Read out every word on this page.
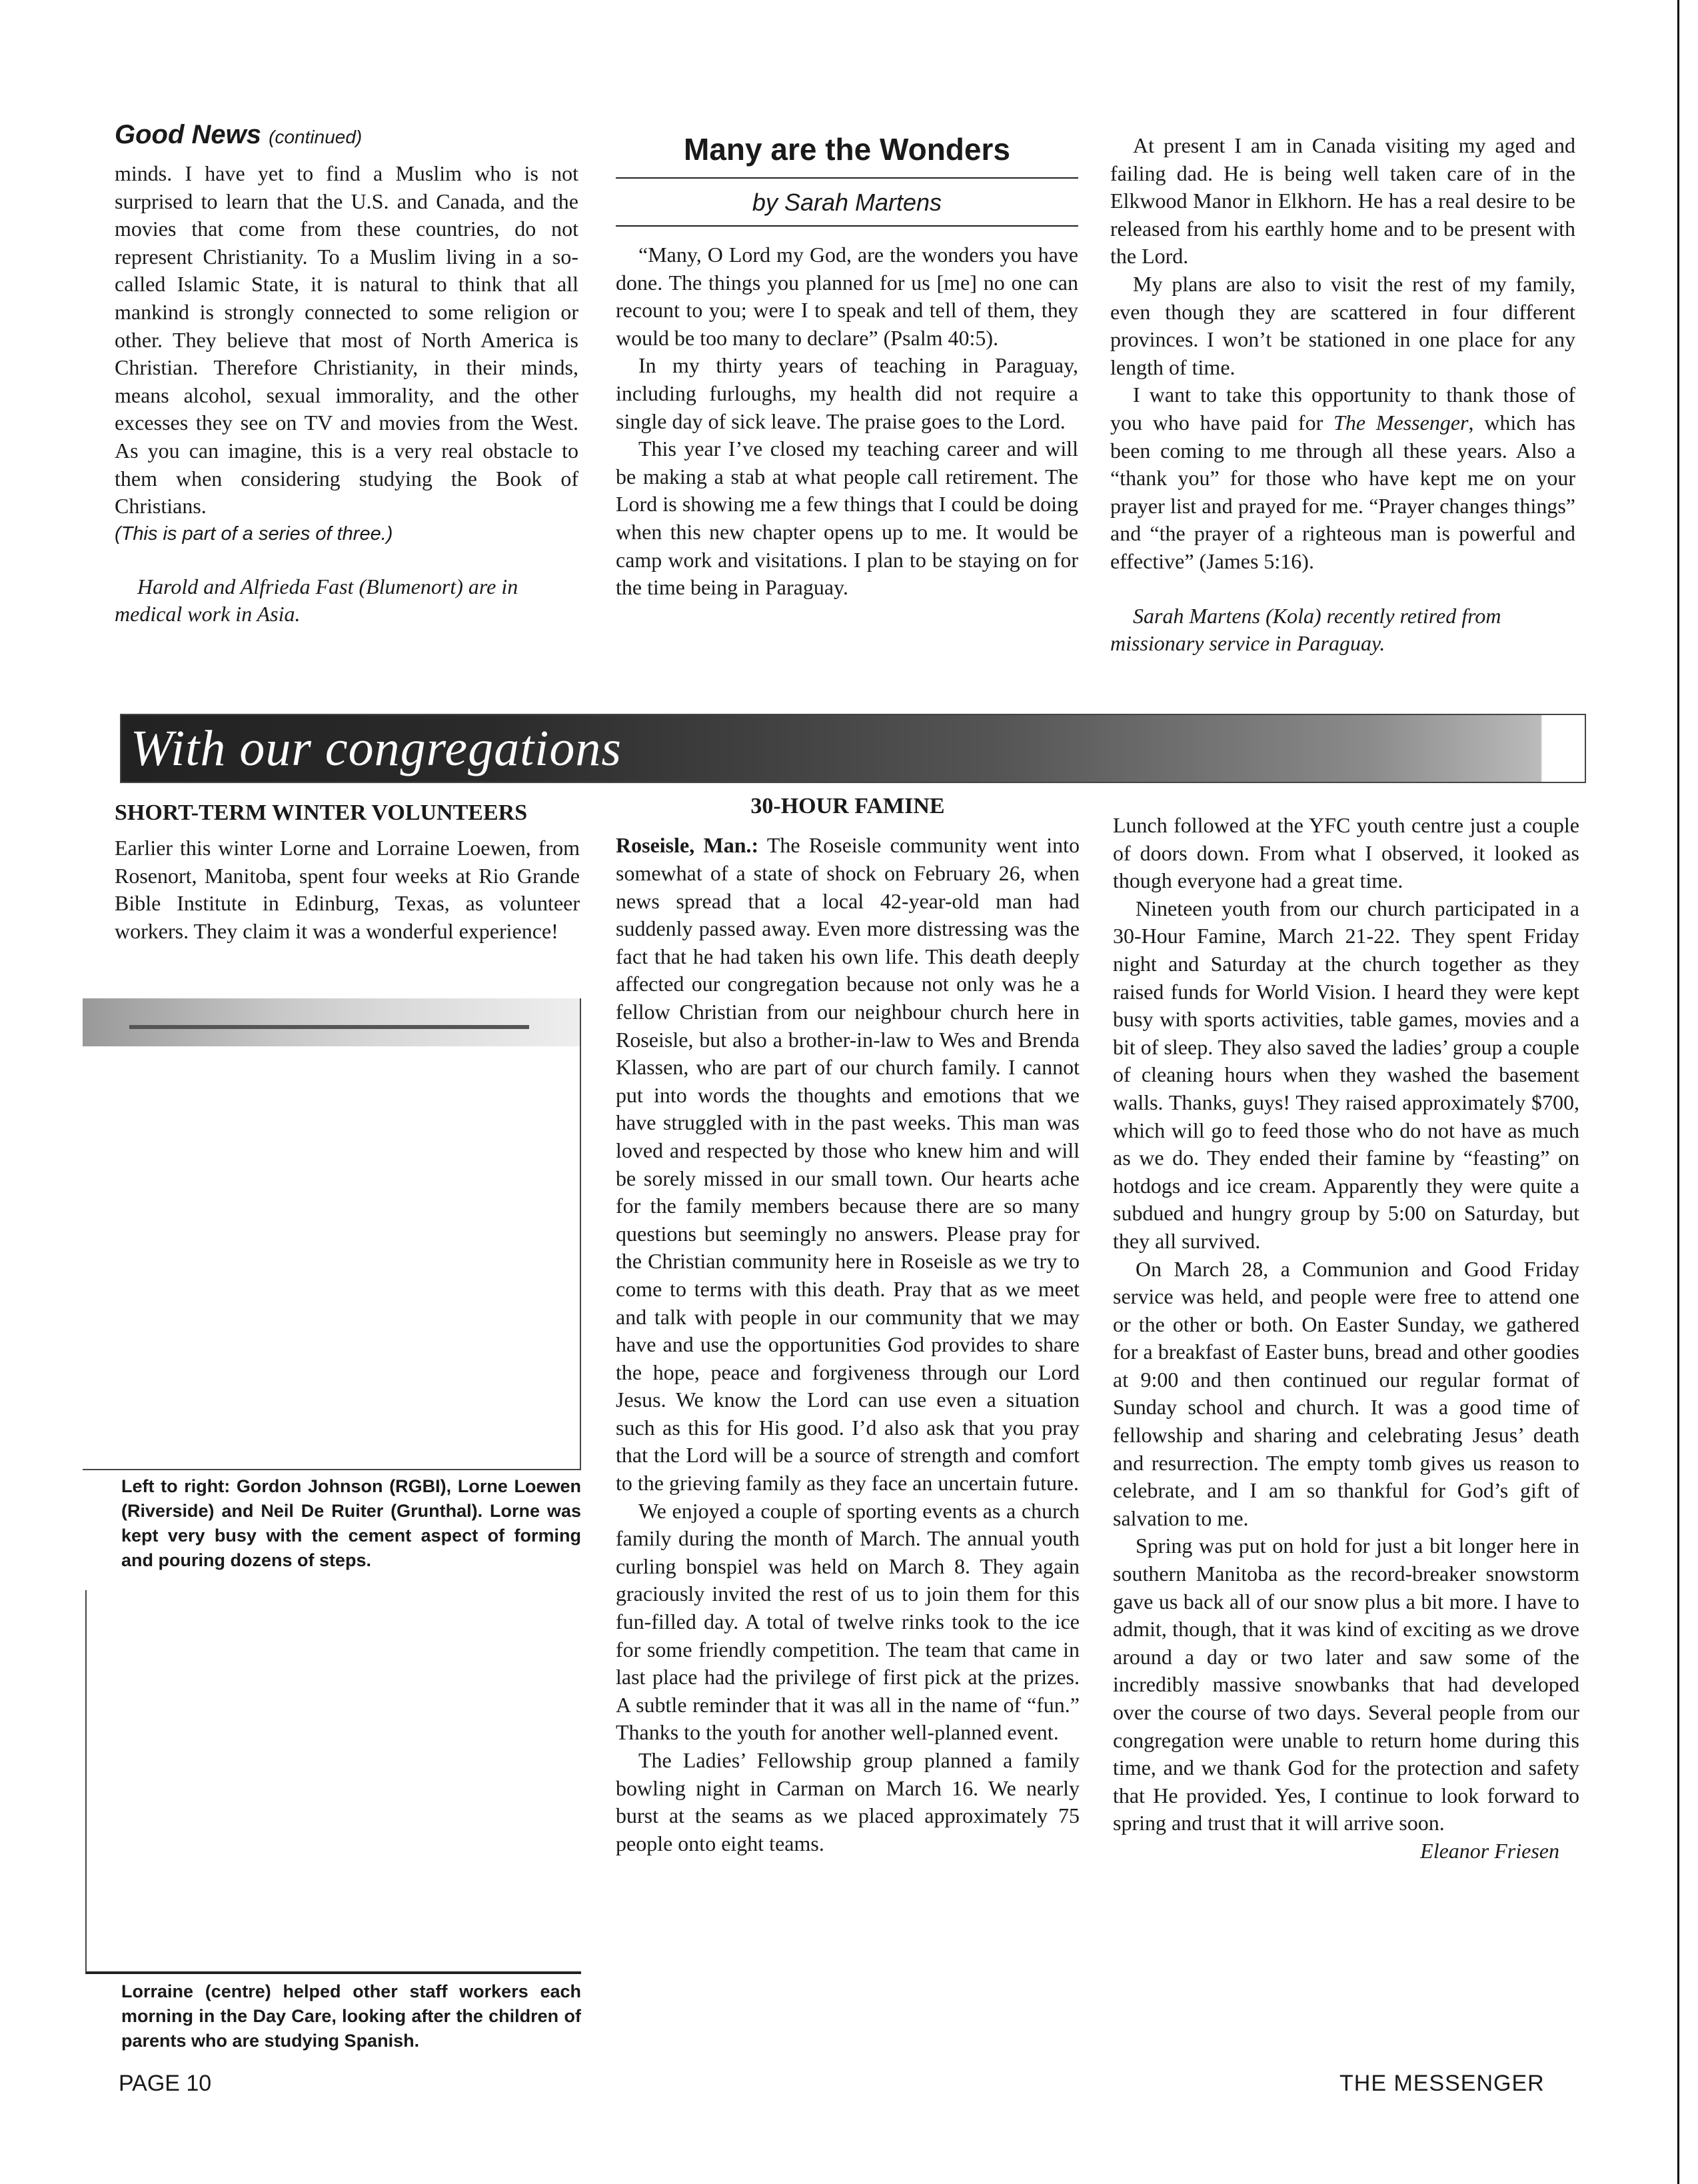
Good News (continued)

minds. I have yet to find a Muslim who is not surprised to learn that the U.S. and Canada, and the movies that come from these countries, do not represent Christianity. To a Muslim living in a so-called Islamic State, it is natural to think that all mankind is strongly connected to some religion or other. They believe that most of North America is Christian. Therefore Christianity, in their minds, means alcohol, sexual immorality, and the other excesses they see on TV and movies from the West. As you can imagine, this is a very real obstacle to them when considering studying the Book of Christians.

(This is part of a series of three.)

Harold and Alfrieda Fast (Blumenort) are in medical work in Asia.

Many are the Wonders
by Sarah Martens

“Many, O Lord my God, are the wonders you have done. The things you planned for us [me] no one can recount to you; were I to speak and tell of them, they would be too many to declare” (Psalm 40:5).

In my thirty years of teaching in Paraguay, including furloughs, my health did not require a single day of sick leave. The praise goes to the Lord.

This year I’ve closed my teaching career and will be making a stab at what people call retirement. The Lord is showing me a few things that I could be doing when this new chapter opens up to me. It would be camp work and visitations. I plan to be staying on for the time being in Paraguay.

At present I am in Canada visiting my aged and failing dad. He is being well taken care of in the Elkwood Manor in Elkhorn. He has a real desire to be released from his earthly home and to be present with the Lord.

My plans are also to visit the rest of my family, even though they are scattered in four different provinces. I won’t be stationed in one place for any length of time.

I want to take this opportunity to thank those of you who have paid for The Messenger, which has been coming to me through all these years. Also a “thank you” for those who have kept me on your prayer list and prayed for me. “Prayer changes things” and “the prayer of a righteous man is powerful and effective” (James 5:16).

Sarah Martens (Kola) recently retired from missionary service in Paraguay.

With our congregations
SHORT-TERM WINTER VOLUNTEERS

Earlier this winter Lorne and Lorraine Loewen, from Rosenort, Manitoba, spent four weeks at Rio Grande Bible Institute in Edinburg, Texas, as volunteer workers. They claim it was a wonderful experience!

Left to right: Gordon Johnson (RGBI), Lorne Loewen (Riverside) and Neil De Ruiter (Grunthal). Lorne was kept very busy with the cement aspect of forming and pouring dozens of steps.
Lorraine (centre) helped other staff workers each morning in the Day Care, looking after the children of parents who are studying Spanish.
30-HOUR FAMINE

Roseisle, Man.: The Roseisle community went into somewhat of a state of shock on February 26, when news spread that a local 42-year-old man had suddenly passed away. Even more distressing was the fact that he had taken his own life. This death deeply affected our congregation because not only was he a fellow Christian from our neighbour church here in Roseisle, but also a brother-in-law to Wes and Brenda Klassen, who are part of our church family. I cannot put into words the thoughts and emotions that we have struggled with in the past weeks. This man was loved and respected by those who knew him and will be sorely missed in our small town. Our hearts ache for the family members because there are so many questions but seemingly no answers. Please pray for the Christian community here in Roseisle as we try to come to terms with this death. Pray that as we meet and talk with people in our community that we may have and use the opportunities God provides to share the hope, peace and forgiveness through our Lord Jesus. We know the Lord can use even a situation such as this for His good. I’d also ask that you pray that the Lord will be a source of strength and comfort to the grieving family as they face an uncertain future.

We enjoyed a couple of sporting events as a church family during the month of March. The annual youth curling bonspiel was held on March 8. They again graciously invited the rest of us to join them for this fun-filled day. A total of twelve rinks took to the ice for some friendly competition. The team that came in last place had the privilege of first pick at the prizes. A subtle reminder that it was all in the name of “fun.” Thanks to the youth for another well-planned event.

The Ladies’ Fellowship group planned a family bowling night in Carman on March 16. We nearly burst at the seams as we placed approximately 75 people onto eight teams.

Lunch followed at the YFC youth centre just a couple of doors down. From what I observed, it looked as though everyone had a great time.

Nineteen youth from our church participated in a 30-Hour Famine, March 21-22. They spent Friday night and Saturday at the church together as they raised funds for World Vision. I heard they were kept busy with sports activities, table games, movies and a bit of sleep. They also saved the ladies’ group a couple of cleaning hours when they washed the basement walls. Thanks, guys! They raised approximately $700, which will go to feed those who do not have as much as we do. They ended their famine by “feasting” on hotdogs and ice cream. Apparently they were quite a subdued and hungry group by 5:00 on Saturday, but they all survived.

On March 28, a Communion and Good Friday service was held, and people were free to attend one or the other or both. On Easter Sunday, we gathered for a breakfast of Easter buns, bread and other goodies at 9:00 and then continued our regular format of Sunday school and church. It was a good time of fellowship and sharing and celebrating Jesus’ death and resurrection. The empty tomb gives us reason to celebrate, and I am so thankful for God’s gift of salvation to me.

Spring was put on hold for just a bit longer here in southern Manitoba as the record-breaker snowstorm gave us back all of our snow plus a bit more. I have to admit, though, that it was kind of exciting as we drove around a day or two later and saw some of the incredibly massive snowbanks that had developed over the course of two days. Several people from our congregation were unable to return home during this time, and we thank God for the protection and safety that He provided. Yes, I continue to look forward to spring and trust that it will arrive soon.

Eleanor Friesen
PAGE 10	THE MESSENGER
